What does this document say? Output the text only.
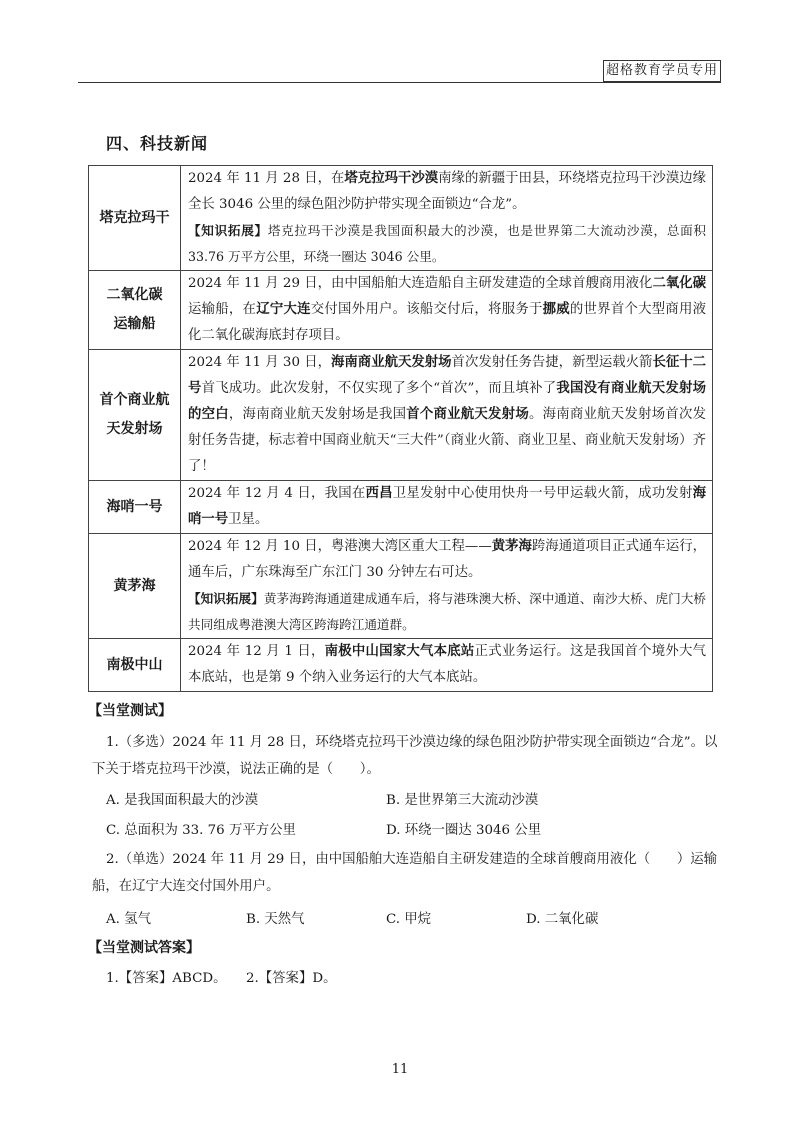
超格教育学员专用
四、科技新闻
塔克拉玛干	2024 年 11 月 28 日，在塔克拉玛干沙漠南缘的新疆于田县，环绕塔克拉玛干沙漠边缘全长 3046 公里的绿色阻沙防护带实现全面锁边“合龙”。
【知识拓展】塔克拉玛干沙漠是我国面积最大的沙漠，也是世界第二大流动沙漠，总面积 33.76 万平方公里，环绕一圈达 3046 公里。

二氧化碳
运输船	2024 年 11 月 29 日，由中国船舶大连造船自主研发建造的全球首艘商用液化二氧化碳运输船，在辽宁大连交付国外用户。该船交付后，将服务于挪威的世界首个大型商用液化二氧化碳海底封存项目。

首个商业航
天发射场	2024 年 11 月 30 日，海南商业航天发射场首次发射任务告捷，新型运载火箭长征十二号首飞成功。此次发射，不仅实现了多个“首次”，而且填补了我国没有商业航天发射场的空白，海南商业航天发射场是我国首个商业航天发射场。海南商业航天发射场首次发射任务告捷，标志着中国商业航天“三大件”（商业火箭、商业卫星、商业航天发射场）齐了！

海哨一号	2024 年 12 月 4 日，我国在西昌卫星发射中心使用快舟一号甲运载火箭，成功发射海哨一号卫星。

黄茅海	2024 年 12 月 10 日，粤港澳大湾区重大工程——黄茅海跨海通道项目正式通车运行，通车后，广东珠海至广东江门 30 分钟左右可达。
【知识拓展】黄茅海跨海通道建成通车后，将与港珠澳大桥、深中通道、南沙大桥、虎门大桥共同组成粤港澳大湾区跨海跨江通道群。

南极中山	2024 年 12 月 1 日，南极中山国家大气本底站正式业务运行。这是我国首个境外大气本底站，也是第 9 个纳入业务运行的大气本底站。
【当堂测试】
1.（多选）2024 年 11 月 28 日，环绕塔克拉玛干沙漠边缘的绿色阻沙防护带实现全面锁边“合龙”。以下关于塔克拉玛干沙漠，说法正确的是（　　）。
A. 是我国面积最大的沙漠	B. 是世界第三大流动沙漠
C. 总面积为 33. 76 万平方公里	D. 环绕一圈达 3046 公里
2.（单选）2024 年 11 月 29 日，由中国船舶大连造船自主研发建造的全球首艘商用液化（　　）运输船，在辽宁大连交付国外用户。
A. 氢气	B. 天然气	C. 甲烷	D. 二氧化碳
【当堂测试答案】
1.【答案】ABCD。 2.【答案】D。
11
